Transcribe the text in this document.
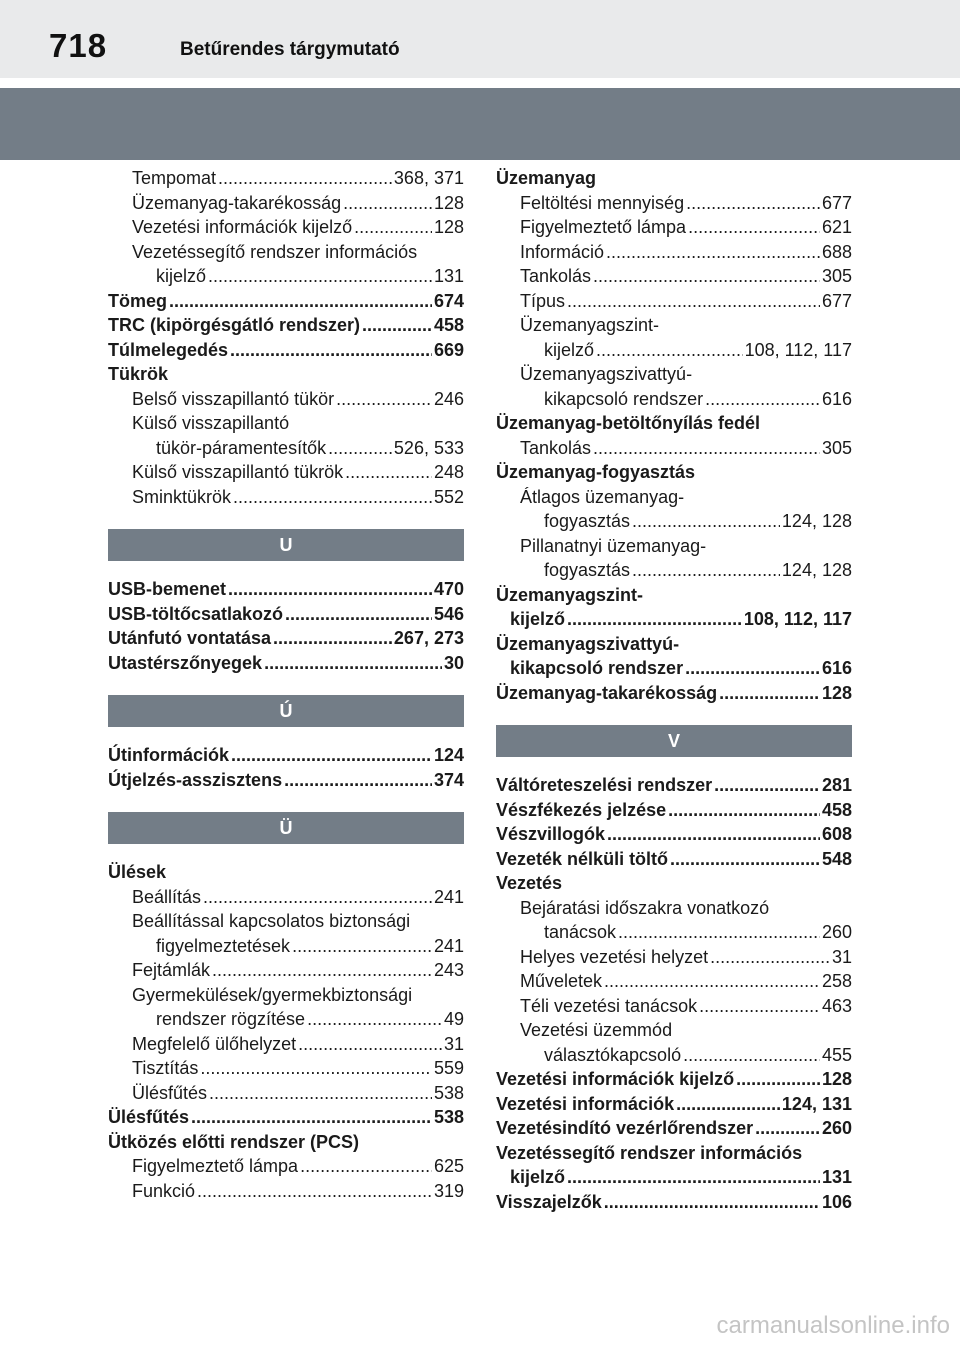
718	Betűrendes tárgymutató
Tempomat .....	368, 371
Üzemanyag-takarékosság .....	128
Vezetési információk kijelző .....	128
Vezetéssegítő rendszer információs
kijelző .....	131
Tömeg .....	674
TRC (kipörgésgátló rendszer) .....	458
Túlmelegedés .....	669
Tükrök
Belső visszapillantó tükör .....	246
Külső visszapillantó
tükör-páramentesítők .....	526, 533
Külső visszapillantó tükrök .....	248
Sminktükrök .....	552
U
USB-bemenet .....	470
USB-töltőcsatlakozó .....	546
Utánfutó vontatása .....	267, 273
Utastérszőnyegek .....	30
Ú
Útinformációk .....	124
Útjelzés-asszisztens .....	374
Ü
Ülések
Beállítás .....	241
Beállítással kapcsolatos biztonsági
figyelmeztetések .....	241
Fejtámlák .....	243
Gyermekülések/gyermekbiztonsági
rendszer rögzítése .....	49
Megfelelő ülőhelyzet .....	31
Tisztítás .....	559
Ülésfűtés .....	538
Ülésfűtés .....	538
Ütközés előtti rendszer (PCS)
Figyelmeztető lámpa .....	625
Funkció .....	319
Üzemanyag
Feltöltési mennyiség .....	677
Figyelmeztető lámpa .....	621
Információ .....	688
Tankolás .....	305
Típus .....	677
Üzemanyagszint-
kijelző .....	108, 112, 117
Üzemanyagszivattyú-
kikapcsoló rendszer .....	616
Üzemanyag-betöltőnyílás fedél
Tankolás .....	305
Üzemanyag-fogyasztás
Átlagos üzemanyag-
fogyasztás .....	124, 128
Pillanatnyi üzemanyag-
fogyasztás .....	124, 128
Üzemanyagszint-
kijelző .....	108, 112, 117
Üzemanyagszivattyú-
kikapcsoló rendszer .....	616
Üzemanyag-takarékosság .....	128
V
Váltóreteszelési rendszer .....	281
Vészfékezés jelzése .....	458
Vészvillogók .....	608
Vezeték nélküli töltő .....	548
Vezetés
Bejáratási időszakra vonatkozó
tanácsok .....	260
Helyes vezetési helyzet .....	31
Műveletek .....	258
Téli vezetési tanácsok .....	463
Vezetési üzemmód
választókapcsoló .....	455
Vezetési információk kijelző .....	128
Vezetési információk .....	124, 131
Vezetésindító vezérlőrendszer .....	260
Vezetéssegítő rendszer információs
kijelző .....	131
Visszajelzők .....	106
carmanualsonline.info
